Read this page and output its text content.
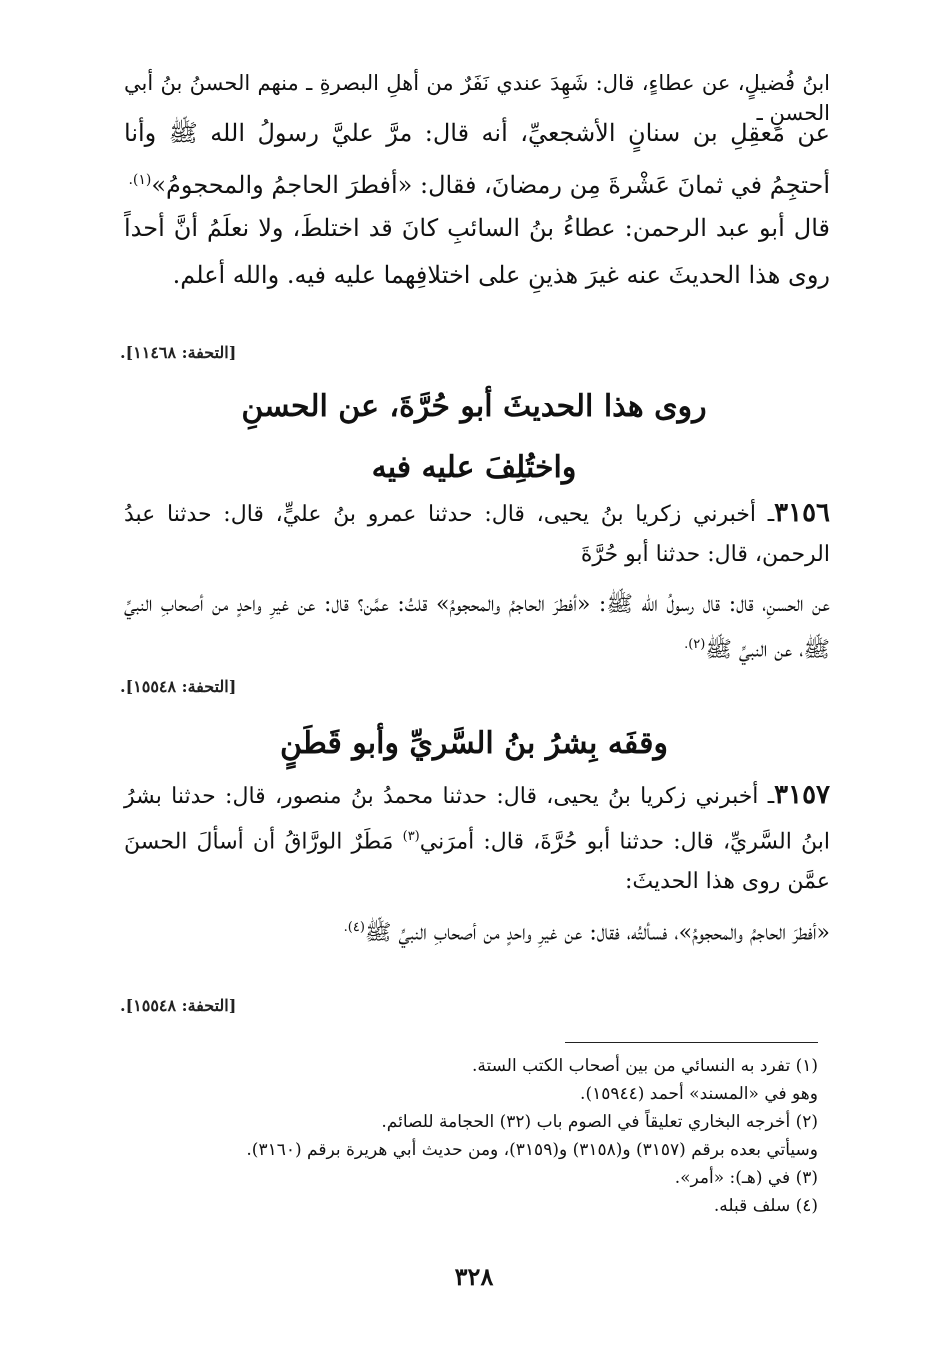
ابنُ فُضيلٍ، عن عطاءٍ، قال: شَهِدَ عندي نَفَرٌ من أهلِ البصرةِ ـ منهم الحسنُ بنُ أبي الحسنِ ـ
عن مَعقِلِ بن سنانٍ الأشجعيِّ، أنه قال: مرَّ عليَّ رسولُ الله ﷺ وأنا أحتجِمُ في ثمانَ عَشْرةَ مِن رمضانَ، فقال: «أفطرَ الحاجمُ والمحجومُ»$^{(١).}$
قال أبو عبد الرحمن: عطاءُ بنُ السائبِ كانَ قد اختلطَ، ولا نعلَمُ أنَّ أحداً روى هذا الحديثَ عنه غيرَ هذينِ على اختلافِهما عليه فيه. والله أعلم.
[التحفة: ١١٤٦٨].
روى هذا الحديثَ أبو حُرَّةَ، عن الحسنِ
واختُلِفَ عليه فيه
٣١٥٦ـ أخبرني زكريا بنُ يحيى، قال: حدثنا عمرو بنُ عليٍّ، قال: حدثنا عبدُ الرحمن، قال: حدثنا أبو حُرَّةَ
عن الحسنِ، قال: قال رسولُ الله ﷺ: «أفطرَ الحاجمُ والمحجومُ» قلتُ: عمَّن؟ قال: عن غيرِ واحدٍ من أصحابِ النبيِّ ﷺ، عن النبيِّ ﷺ$^{(٢).}$
[التحفة: ١٥٥٤٨].
وقفَه بِشرُ بنُ السَّريِّ وأبو قَطَنٍ
٣١٥٧ـ أخبرني زكريا بنُ يحيى، قال: حدثنا محمدُ بنُ منصور، قال: حدثنا بشرُ ابنُ السَّريِّ، قال: حدثنا أبو حُرَّةَ، قال: أمرَني$^{(٣)}$ مَطَرٌ الورَّاقُ أن أسألَ الحسنَ عمَّن روى هذا الحديثَ:
«أفطرَ الحاجمُ والمحجومُ»، فسألتُه، فقال: عن غيرِ واحدٍ من أصحابِ النبيِّ ﷺ$^{(٤).}$
[التحفة: ١٥٥٤٨].
(١) تفرد به النسائي من بين أصحاب الكتب الستة.
وهو في «المسند» أحمد (١٥٩٤٤).
(٢) أخرجه البخاري تعليقاً في الصوم باب (٣٢) الحجامة للصائم.
وسيأتي بعده برقم (٣١٥٧) و(٣١٥٨) و(٣١٥٩)، ومن حديث أبي هريرة برقم (٣١٦٠).
(٣) في (هـ): «أمر».
(٤) سلف قبله.
٣٢٨
